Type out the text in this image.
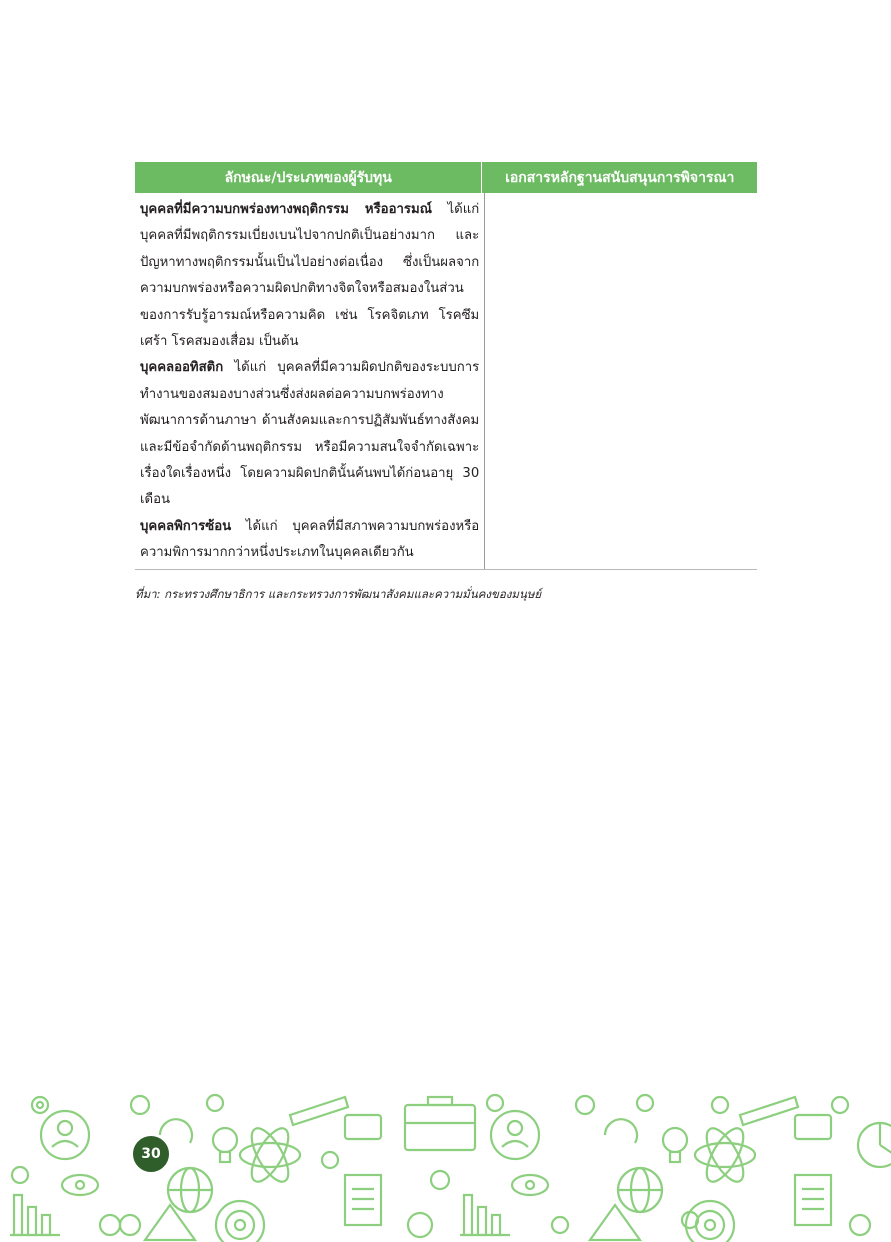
ลักษณะ/ประเภทของผู้รับทุน	เอกสารหลักฐานสนับสนุนการพิจารณา
บุคคลที่มีความบกพร่องทางพฤติกรรม หรืออารมณ์ ได้แก่ บุคคลที่มีพฤติกรรมเบี่ยงเบนไปจากปกติเป็นอย่างมาก และปัญหาทางพฤติกรรมนั้นเป็นไปอย่างต่อเนื่อง ซึ่งเป็นผลจากความบกพร่องหรือความผิดปกติทางจิตใจหรือสมองในส่วนของการรับรู้อารมณ์หรือความคิด เช่น โรคจิตเภท โรคซึมเศร้า โรคสมองเสื่อม เป็นต้น
บุคคลออทิสติก ได้แก่ บุคคลที่มีความผิดปกติของระบบการทำงานของสมองบางส่วนซึ่งส่งผลต่อความบกพร่องทางพัฒนาการด้านภาษา ด้านสังคมและการปฏิสัมพันธ์ทางสังคม และมีข้อจำกัดด้านพฤติกรรม หรือมีความสนใจจำกัดเฉพาะเรื่องใดเรื่องหนึ่ง โดยความผิดปกตินั้นค้นพบได้ก่อนอายุ 30 เดือน
บุคคลพิการซ้อน ได้แก่ บุคคลที่มีสภาพความบกพร่องหรือความพิการมากกว่าหนึ่งประเภทในบุคคลเดียวกัน
ที่มา: กระทรวงศึกษาธิการ และกระทรวงการพัฒนาสังคมและความมั่นคงของมนุษย์
30
